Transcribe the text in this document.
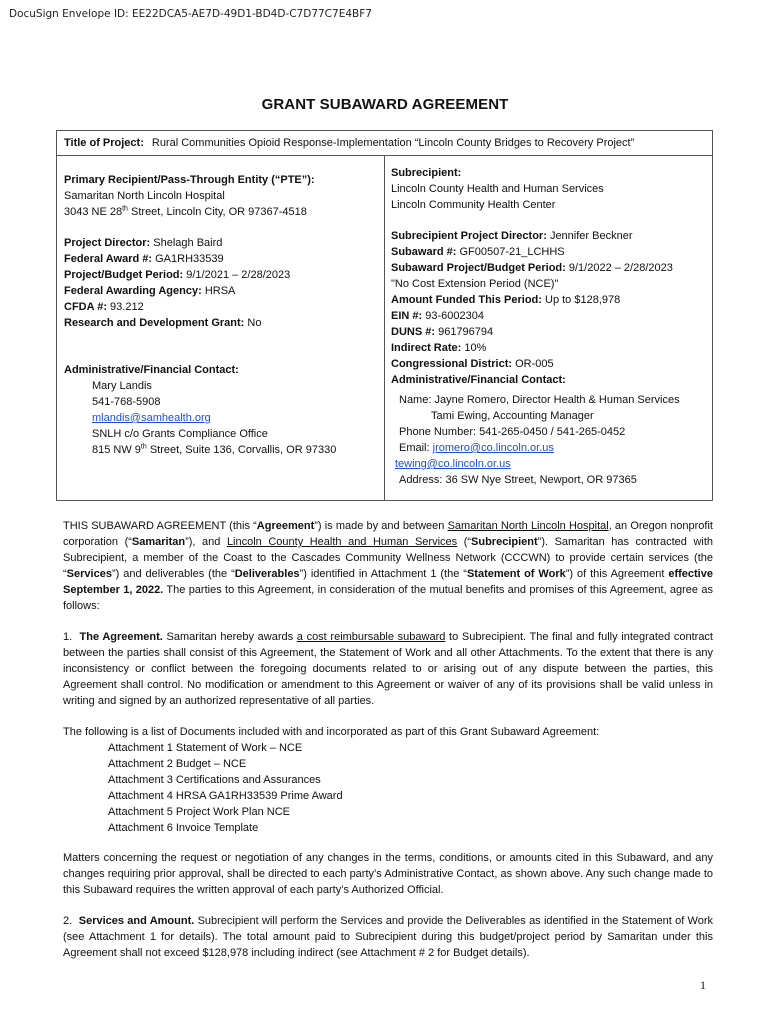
DocuSign Envelope ID: EE22DCA5-AE7D-49D1-BD4D-C7D77C7E4BF7
GRANT SUBAWARD AGREEMENT
Title of Project: Rural Communities Opioid Response-Implementation “Lincoln County Bridges to Recovery Project”
Primary Recipient/Pass-Through Entity (“PTE”):
Samaritan North Lincoln Hospital
3043 NE 28th Street, Lincoln City, OR 97367-4518
Project Director: Shelagh Baird
Federal Award #: GA1RH33539
Project/Budget Period: 9/1/2021 – 2/28/2023
Federal Awarding Agency: HRSA
CFDA #: 93.212
Research and Development Grant: No
Administrative/Financial Contact:
Mary Landis
541-768-5908
mlandis@samhealth.org
SNLH c/o Grants Compliance Office
815 NW 9th Street, Suite 136, Corvallis, OR 97330
Subrecipient:
Lincoln County Health and Human Services
Lincoln Community Health Center
Subrecipient Project Director: Jennifer Beckner
Subaward #: GF00507-21_LCHHS
Subaward Project/Budget Period: 9/1/2022 – 2/28/2023
"No Cost Extension Period (NCE)"
Amount Funded This Period: Up to $128,978
EIN #: 93-6002304
DUNS #: 961796794
Indirect Rate: 10%
Congressional District: OR-005
Administrative/Financial Contact:
Name: Jayne Romero, Director Health & Human Services
Tami Ewing, Accounting Manager
Phone Number: 541-265-0450 / 541-265-0452
Email: jromero@co.lincoln.or.us
tewing@co.lincoln.or.us
Address: 36 SW Nye Street, Newport, OR 97365

THIS SUBAWARD AGREEMENT (this “Agreement”) is made by and between Samaritan North Lincoln Hospital, an Oregon nonprofit corporation (“Samaritan”), and Lincoln County Health and Human Services (“Subrecipient”). Samaritan has contracted with Subrecipient, a member of the Coast to the Cascades Community Wellness Network (CCCWN) to provide certain services (the “Services”) and deliverables (the “Deliverables”) identified in Attachment 1 (the “Statement of Work”) of this Agreement effective September 1, 2022. The parties to this Agreement, in consideration of the mutual benefits and promises of this Agreement, agree as follows:

1. The Agreement. Samaritan hereby awards a cost reimbursable subaward to Subrecipient. The final and fully integrated contract between the parties shall consist of this Agreement, the Statement of Work and all other Attachments. To the extent that there is any inconsistency or conflict between the foregoing documents related to or arising out of any dispute between the parties, this Agreement shall control. No modification or amendment to this Agreement or waiver of any of its provisions shall be valid unless in writing and signed by an authorized representative of all parties.

The following is a list of Documents included with and incorporated as part of this Grant Subaward Agreement:
Attachment 1 Statement of Work – NCE
Attachment 2 Budget – NCE
Attachment 3 Certifications and Assurances
Attachment 4 HRSA GA1RH33539 Prime Award
Attachment 5 Project Work Plan NCE
Attachment 6 Invoice Template
Matters concerning the request or negotiation of any changes in the terms, conditions, or amounts cited in this Subaward, and any changes requiring prior approval, shall be directed to each party’s Administrative Contact, as shown above. Any such change made to this Subaward requires the written approval of each party’s Authorized Official.

2. Services and Amount. Subrecipient will perform the Services and provide the Deliverables as identified in the Statement of Work (see Attachment 1 for details). The total amount paid to Subrecipient during this budget/project period by Samaritan under this Agreement shall not exceed $128,978 including indirect (see Attachment # 2 for Budget details).

1
